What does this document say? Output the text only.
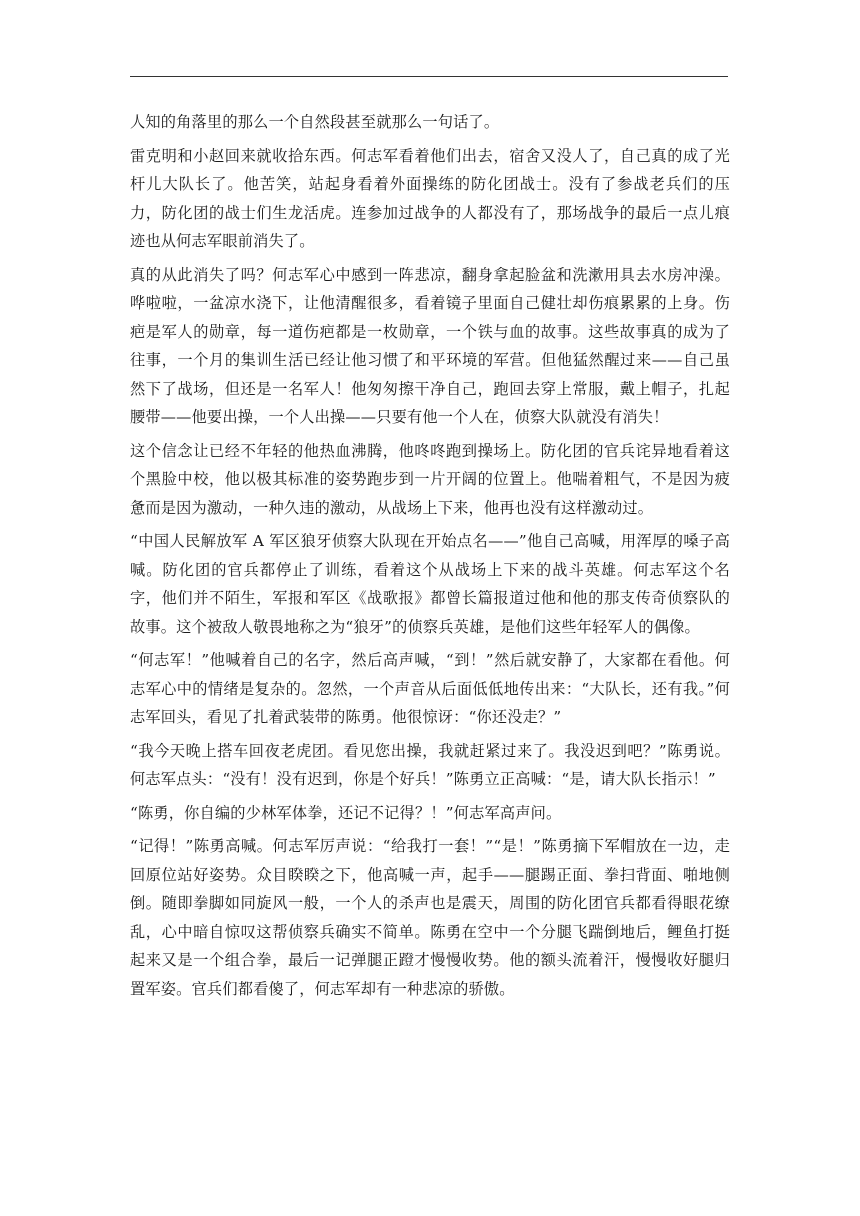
人知的角落里的那么一个自然段甚至就那么一句话了。

雷克明和小赵回来就收拾东西。何志军看着他们出去，宿舍又没人了，自己真的成了光杆儿大队长了。他苦笑，站起身看着外面操练的防化团战士。没有了参战老兵们的压力，防化团的战士们生龙活虎。连参加过战争的人都没有了，那场战争的最后一点儿痕迹也从何志军眼前消失了。

真的从此消失了吗？何志军心中感到一阵悲凉，翻身拿起脸盆和洗漱用具去水房冲澡。哗啦啦，一盆凉水浇下，让他清醒很多，看着镜子里面自己健壮却伤痕累累的上身。伤疤是军人的勋章，每一道伤疤都是一枚勋章，一个铁与血的故事。这些故事真的成为了往事，一个月的集训生活已经让他习惯了和平环境的军营。但他猛然醒过来——自己虽然下了战场，但还是一名军人！他匆匆擦干净自己，跑回去穿上常服，戴上帽子，扎起腰带——他要出操，一个人出操——只要有他一个人在，侦察大队就没有消失！

这个信念让已经不年轻的他热血沸腾，他咚咚跑到操场上。防化团的官兵诧异地看着这个黑脸中校，他以极其标准的姿势跑步到一片开阔的位置上。他喘着粗气，不是因为疲惫而是因为激动，一种久违的激动，从战场上下来，他再也没有这样激动过。

“中国人民解放军 A 军区狼牙侦察大队现在开始点名——”他自己高喊，用浑厚的嗓子高喊。防化团的官兵都停止了训练，看着这个从战场上下来的战斗英雄。何志军这个名字，他们并不陌生，军报和军区《战歌报》都曾长篇报道过他和他的那支传奇侦察队的故事。这个被敌人敬畏地称之为“狼牙”的侦察兵英雄，是他们这些年轻军人的偶像。

“何志军！”他喊着自己的名字，然后高声喊，“到！”然后就安静了，大家都在看他。何志军心中的情绪是复杂的。忽然，一个声音从后面低低地传出来：“大队长，还有我。”何志军回头，看见了扎着武装带的陈勇。他很惊讶：“你还没走？”

“我今天晚上搭车回夜老虎团。看见您出操，我就赶紧过来了。我没迟到吧？”陈勇说。何志军点头：“没有！没有迟到，你是个好兵！”陈勇立正高喊：“是，请大队长指示！”

“陈勇，你自编的少林军体拳，还记不记得？！”何志军高声问。

“记得！”陈勇高喊。何志军厉声说：“给我打一套！”“是！”陈勇摘下军帽放在一边，走回原位站好姿势。众目睽睽之下，他高喊一声，起手——腿踢正面、拳扫背面、啪地侧倒。随即拳脚如同旋风一般，一个人的杀声也是震天，周围的防化团官兵都看得眼花缭乱，心中暗自惊叹这帮侦察兵确实不简单。陈勇在空中一个分腿飞踹倒地后，鲤鱼打挺起来又是一个组合拳，最后一记弹腿正蹬才慢慢收势。他的额头流着汗，慢慢收好腿归置军姿。官兵们都看傻了，何志军却有一种悲凉的骄傲。
